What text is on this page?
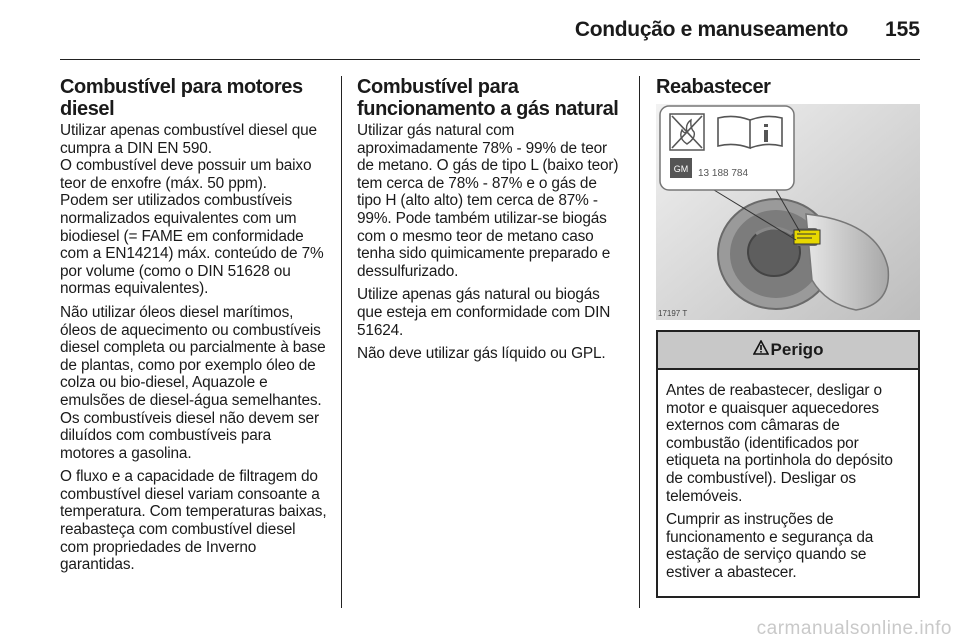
Condução e manuseamento 155
Combustível para motores diesel

Utilizar apenas combustível diesel que cumpra a DIN EN 590.

O combustível deve possuir um baixo teor de enxofre (máx. 50 ppm).

Podem ser utilizados combustíveis normalizados equivalentes com um biodiesel (= FAME em conformidade com a EN14214) máx. conteúdo de 7% por volume (como o DIN 51628 ou normas equivalentes).

Não utilizar óleos diesel marítimos, óleos de aquecimento ou combustíveis diesel completa ou parcialmente à base de plantas, como por exemplo óleo de colza ou bio-diesel, Aquazole e emulsões de diesel-água semelhantes. Os combustíveis diesel não devem ser diluídos com combustíveis para motores a gasolina.

O fluxo e a capacidade de filtragem do combustível diesel variam consoante a temperatura. Com temperaturas baixas, reabasteça com combustível diesel com propriedades de Inverno garantidas.

Combustível para funcionamento a gás natural

Utilizar gás natural com aproximadamente 78% - 99% de teor de metano. O gás de tipo L (baixo teor) tem cerca de 78% - 87% e o gás de tipo H (alto alto) tem cerca de 87% - 99%. Pode também utilizar-se biogás com o mesmo teor de metano caso tenha sido quimicamente preparado e dessulfurizado.

Utilize apenas gás natural ou biogás que esteja em conformidade com DIN 51624.

Não deve utilizar gás líquido ou GPL.

Reabastecer
GM 13 188 784
17197 T
Perigo

Antes de reabastecer, desligar o motor e quaisquer aquecedores externos com câmaras de combustão (identificados por etiqueta na portinhola do depósito de combustível). Desligar os telemóveis.

Cumprir as instruções de funcionamento e segurança da estação de serviço quando se estiver a abastecer.

carmanualsonline.info
